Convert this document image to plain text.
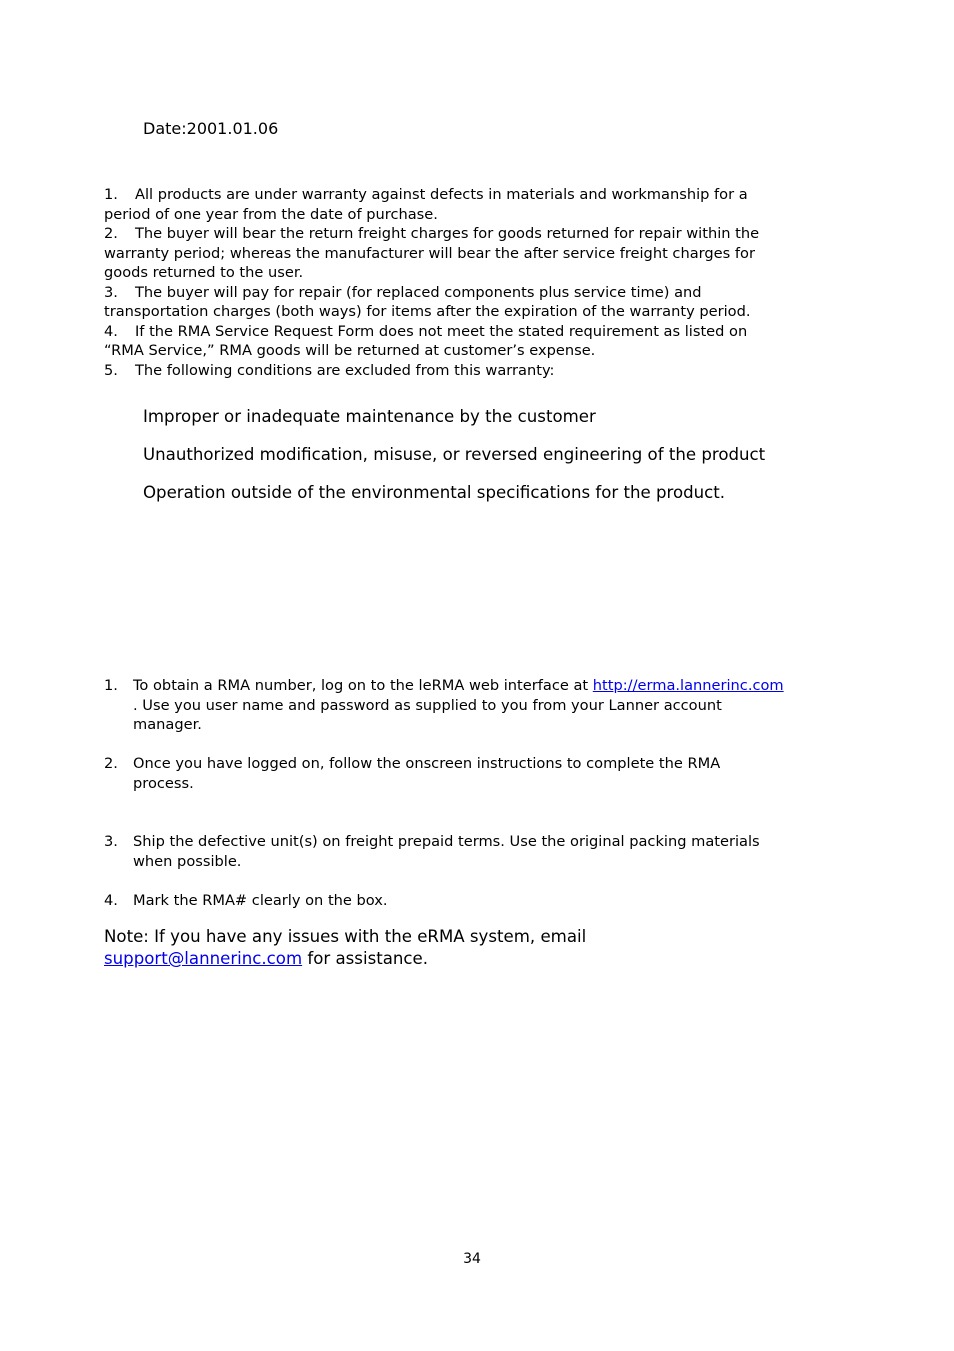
Date:2001.01.06

1. All products are under warranty against defects in materials and workmanship for a period of one year from the date of purchase.

2. The buyer will bear the return freight charges for goods returned for repair within the warranty period; whereas the manufacturer will bear the after service freight charges for goods returned to the user.

3. The buyer will pay for repair (for replaced components plus service time) and transportation charges (both ways) for items after the expiration of the warranty period.

4. If the RMA Service Request Form does not meet the stated requirement as listed on “RMA Service,” RMA goods will be returned at customer’s expense.

5. The following conditions are excluded from this warranty:

Improper or inadequate maintenance by the customer

Unauthorized modification, misuse, or reversed engineering of the product

Operation outside of the environmental specifications for the product.

1. To obtain a RMA number, log on to the leRMA web interface at http://erma.lannerinc.com . Use you user name and password as supplied to you from your Lanner account manager.
2. Once you have logged on, follow the onscreen instructions to complete the RMA process.
3. Ship the defective unit(s) on freight prepaid terms. Use the original packing materials when possible.
4. Mark the RMA# clearly on the box.
Note: If you have any issues with the eRMA system, email support@lannerinc.com for assistance.
34
